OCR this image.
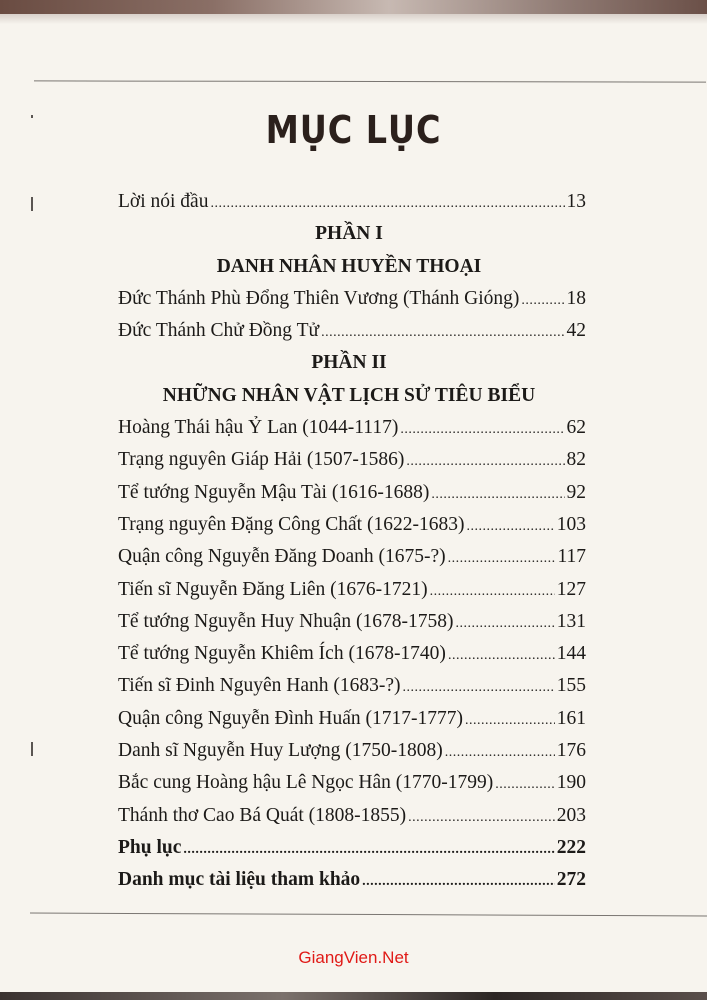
MỤC LỤC
Lời nói đầu .....	13
PHẦN I
DANH NHÂN HUYỀN THOẠI
Đức Thánh Phù Đổng Thiên Vương (Thánh Gióng) ..... 18
Đức Thánh Chử Đồng Tử .....	42
PHẦN II
NHỮNG NHÂN VẬT LỊCH SỬ TIÊU BIỂU
Hoàng Thái hậu Ỷ Lan (1044-1117) .....	62
Trạng nguyên Giáp Hải (1507-1586) .....	82
Tể tướng Nguyễn Mậu Tài (1616-1688) .....	92
Trạng nguyên Đặng Công Chất (1622-1683) .....	103
Quận công Nguyễn Đăng Doanh (1675-?) .....	117
Tiến sĩ Nguyễn Đăng Liên (1676-1721) .....	127
Tể tướng Nguyễn Huy Nhuận (1678-1758) .....	131
Tể tướng Nguyễn Khiêm Ích (1678-1740) .....	144
Tiến sĩ Đinh Nguyên Hanh (1683-?) .....	155
Quận công Nguyễn Đình Huấn (1717-1777) .....	161
Danh sĩ Nguyễn Huy Lượng (1750-1808) .....	176
Bắc cung Hoàng hậu Lê Ngọc Hân (1770-1799) .....	190
Thánh thơ Cao Bá Quát (1808-1855) .....	203
Phụ lục .....	222
Danh mục tài liệu tham khảo .....	272
GiangVien.Net
